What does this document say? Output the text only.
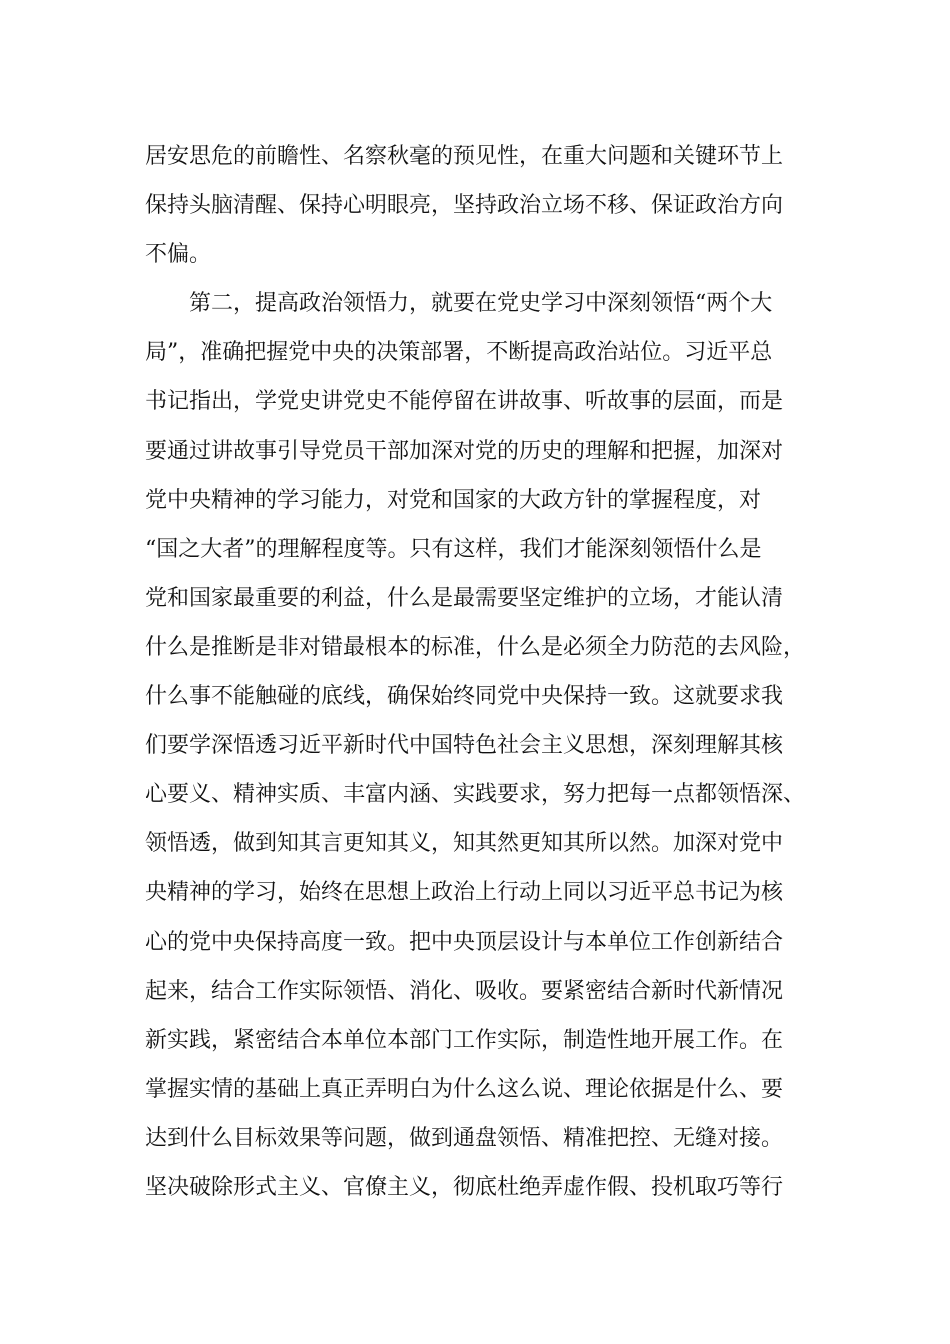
居安思危的前瞻性、名察秋毫的预见性，在重大问题和关键环节上
保持头脑清醒、保持心明眼亮，坚持政治立场不移、保证政治方向
不偏。
第二，提高政治领悟力，就要在党史学习中深刻领悟“两个大
局”，准确把握党中央的决策部署，不断提高政治站位。习近平总
书记指出，学党史讲党史不能停留在讲故事、听故事的层面，而是
要通过讲故事引导党员干部加深对党的历史的理解和把握，加深对
党中央精神的学习能力，对党和国家的大政方针的掌握程度，对
“国之大者”的理解程度等。只有这样，我们才能深刻领悟什么是
党和国家最重要的利益，什么是最需要坚定维护的立场，才能认清
什么是推断是非对错最根本的标准，什么是必须全力防范的去风险，
什么事不能触碰的底线，确保始终同党中央保持一致。这就要求我
们要学深悟透习近平新时代中国特色社会主义思想，深刻理解其核
心要义、精神实质、丰富内涵、实践要求，努力把每一点都领悟深、
领悟透，做到知其言更知其义，知其然更知其所以然。加深对党中
央精神的学习，始终在思想上政治上行动上同以习近平总书记为核
心的党中央保持高度一致。把中央顶层设计与本单位工作创新结合
起来，结合工作实际领悟、消化、吸收。要紧密结合新时代新情况
新实践，紧密结合本单位本部门工作实际，制造性地开展工作。在
掌握实情的基础上真正弄明白为什么这么说、理论依据是什么、要
达到什么目标效果等问题，做到通盘领悟、精准把控、无缝对接。
坚决破除形式主义、官僚主义，彻底杜绝弄虚作假、投机取巧等行
